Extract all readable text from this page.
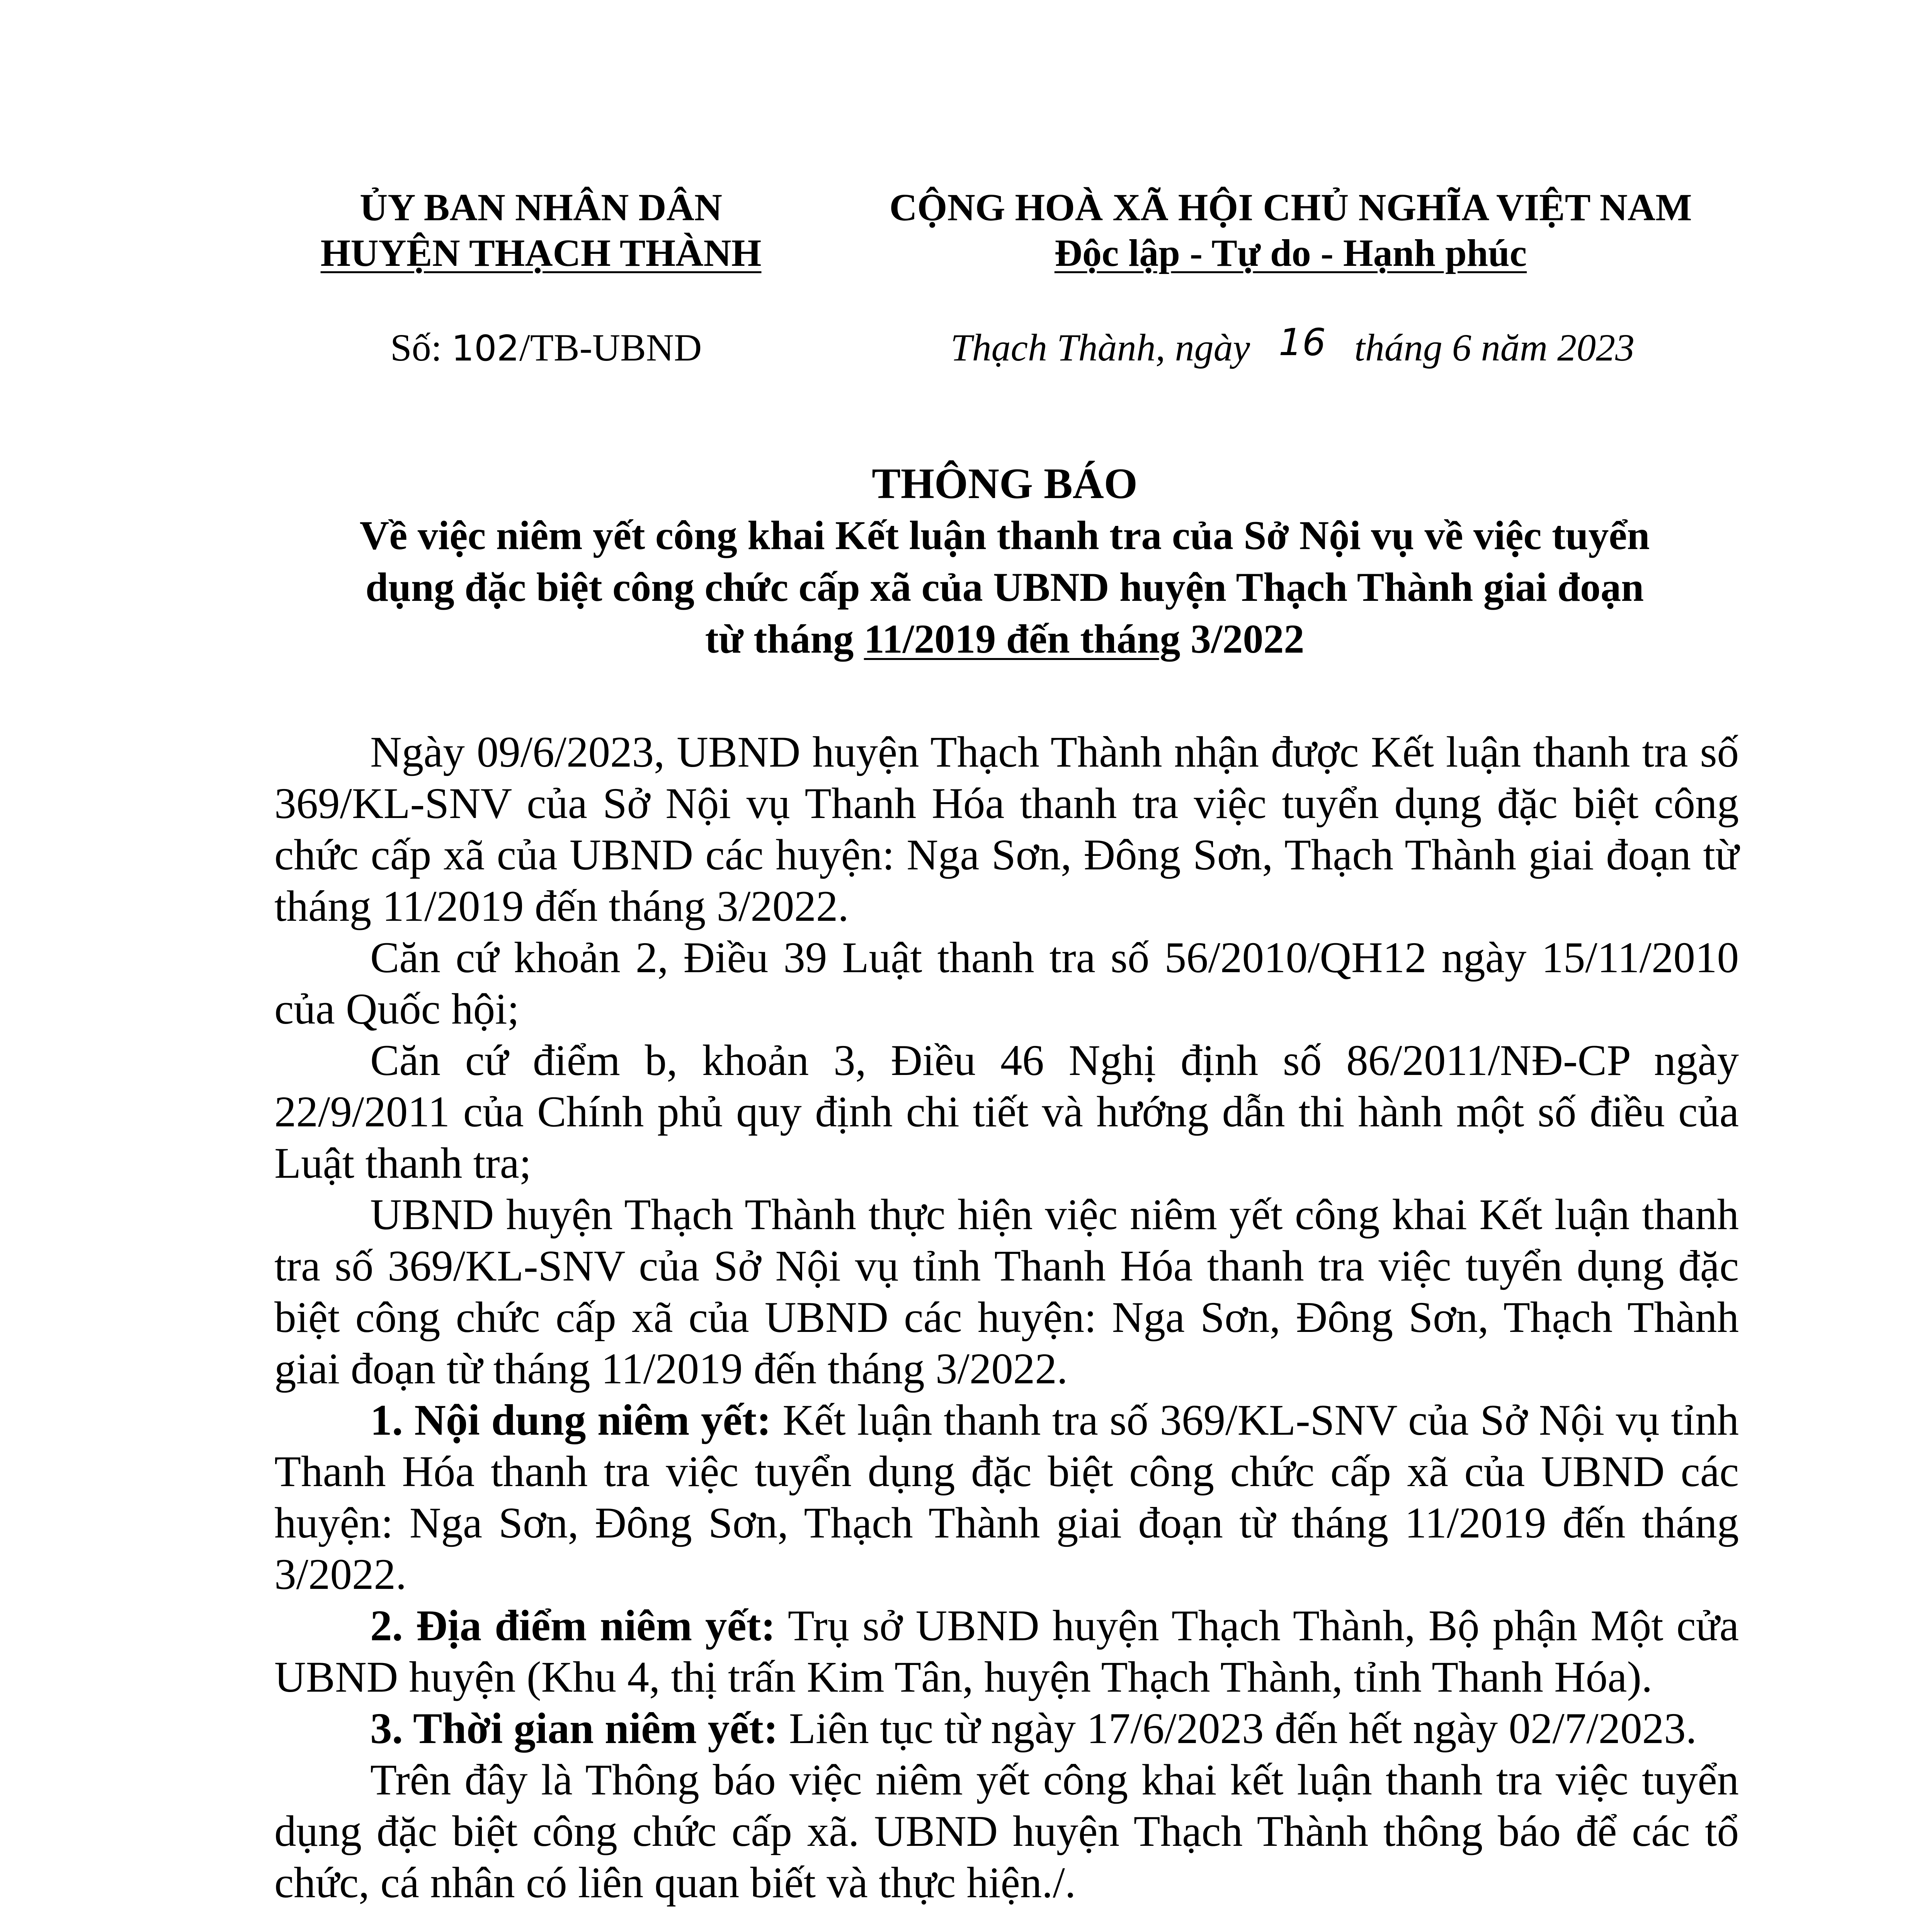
ỦY BAN NHÂN DÂN
HUYỆN THẠCH THÀNH
CỘNG HOÀ XÃ HỘI CHỦ NGHĨA VIỆT NAM
Độc lập - Tự do - Hạnh phúc
Số: 102/TB-UBND	Thạch Thành, ngày 16 tháng 6 năm 2023
THÔNG BÁO
Về việc niêm yết công khai Kết luận thanh tra của Sở Nội vụ về việc tuyển
dụng đặc biệt công chức cấp xã của UBND huyện Thạch Thành giai đoạn
từ tháng 11/2019 đến tháng 3/2022

Ngày 09/6/2023, UBND huyện Thạch Thành nhận được Kết luận thanh tra số 369/KL-SNV của Sở Nội vụ Thanh Hóa thanh tra việc tuyển dụng đặc biệt công chức cấp xã của UBND các huyện: Nga Sơn, Đông Sơn, Thạch Thành giai đoạn từ tháng 11/2019 đến tháng 3/2022.

Căn cứ khoản 2, Điều 39 Luật thanh tra số 56/2010/QH12 ngày 15/11/2010 của Quốc hội;

Căn cứ điểm b, khoản 3, Điều 46 Nghị định số 86/2011/NĐ-CP ngày 22/9/2011 của Chính phủ quy định chi tiết và hướng dẫn thi hành một số điều của Luật thanh tra;

UBND huyện Thạch Thành thực hiện việc niêm yết công khai Kết luận thanh tra số 369/KL-SNV của Sở Nội vụ tỉnh Thanh Hóa thanh tra việc tuyển dụng đặc biệt công chức cấp xã của UBND các huyện: Nga Sơn, Đông Sơn, Thạch Thành giai đoạn từ tháng 11/2019 đến tháng 3/2022.

1. Nội dung niêm yết: Kết luận thanh tra số 369/KL-SNV của Sở Nội vụ tỉnh Thanh Hóa thanh tra việc tuyển dụng đặc biệt công chức cấp xã của UBND các huyện: Nga Sơn, Đông Sơn, Thạch Thành giai đoạn từ tháng 11/2019 đến tháng 3/2022.

2. Địa điểm niêm yết: Trụ sở UBND huyện Thạch Thành, Bộ phận Một cửa UBND huyện (Khu 4, thị trấn Kim Tân, huyện Thạch Thành, tỉnh Thanh Hóa).

3. Thời gian niêm yết: Liên tục từ ngày 17/6/2023 đến hết ngày 02/7/2023.

Trên đây là Thông báo việc niêm yết công khai kết luận thanh tra việc tuyển dụng đặc biệt công chức cấp xã. UBND huyện Thạch Thành thông báo để các tổ chức, cá nhân có liên quan biết và thực hiện./.
